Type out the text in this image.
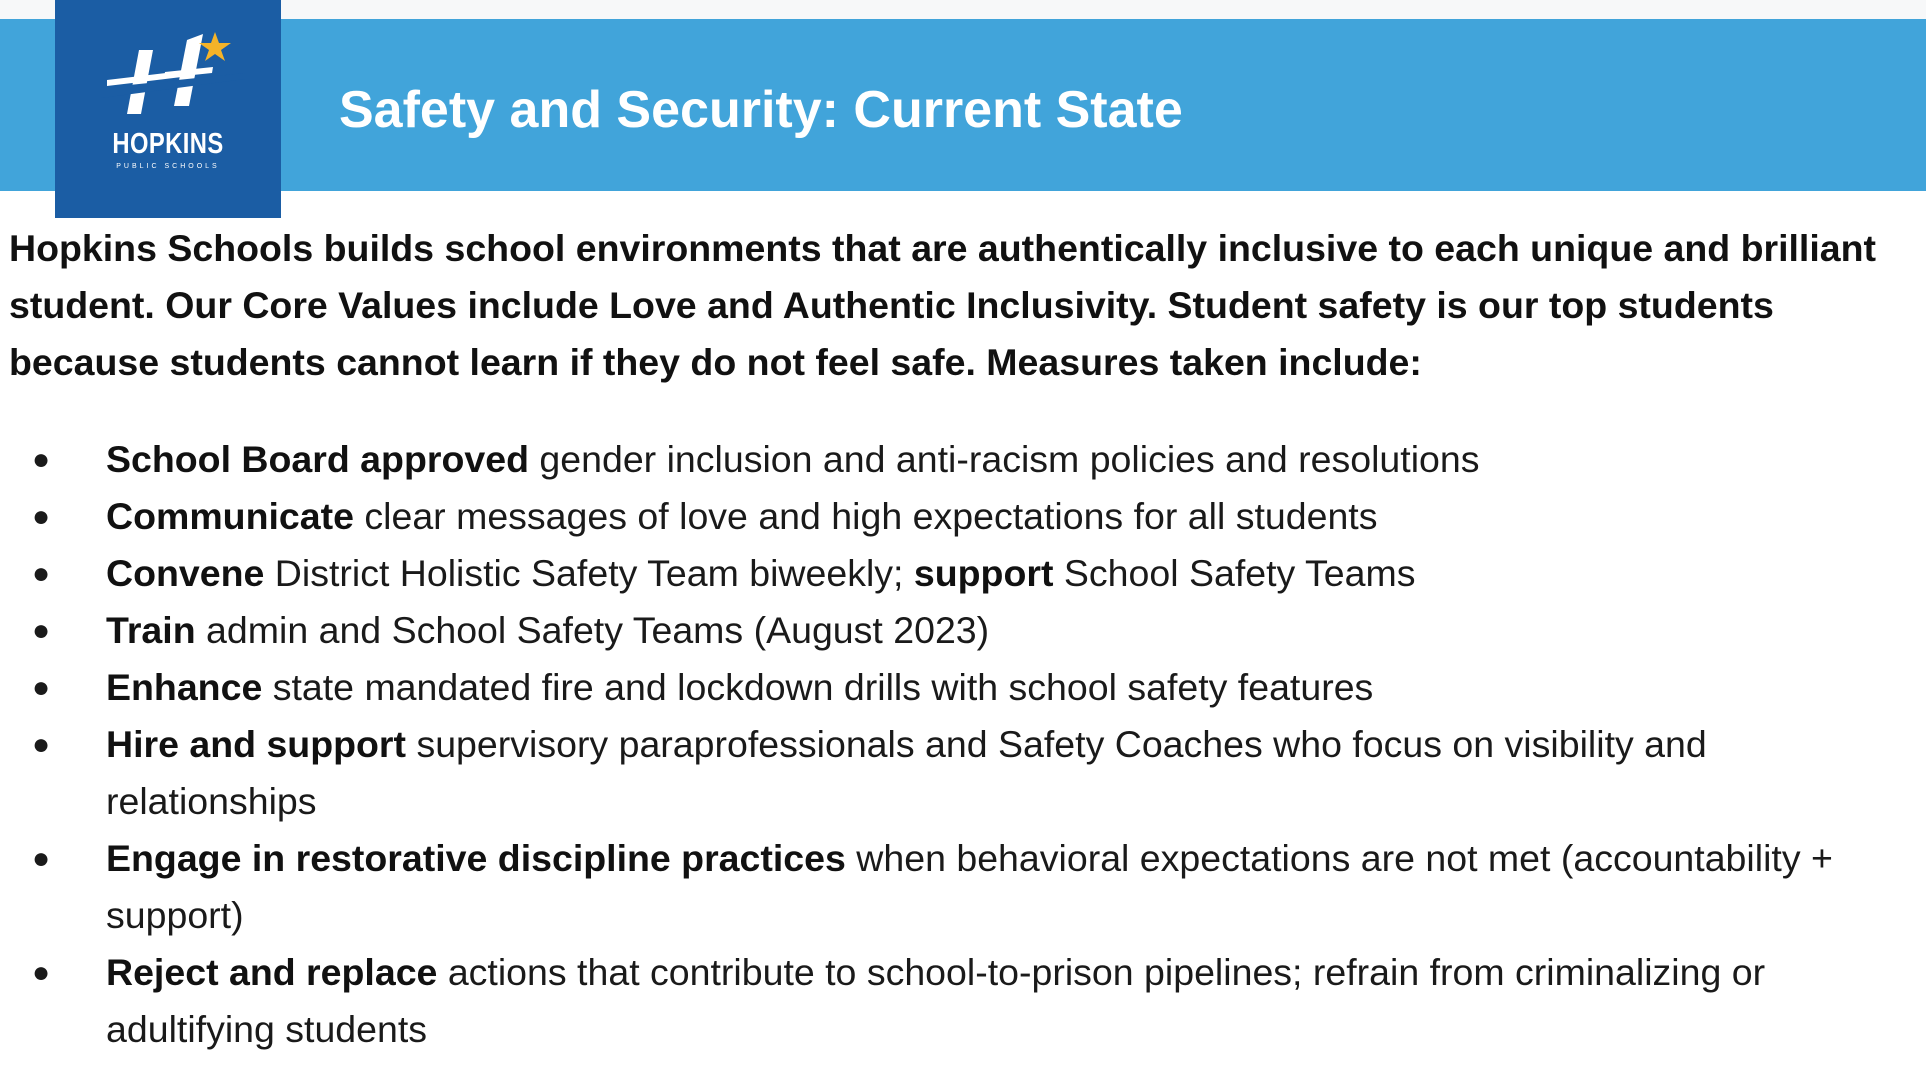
HOPKINS
PUBLIC SCHOOLS
Safety and Security: Current State

Hopkins Schools builds school environments that are authentically inclusive to each unique and brilliant student. Our Core Values include Love and Authentic Inclusivity. Student safety is our top students because students cannot learn if they do not feel safe. Measures taken include:

● School Board approved gender inclusion and anti-racism policies and resolutions
● Communicate clear messages of love and high expectations for all students
● Convene District Holistic Safety Team biweekly; support School Safety Teams
● Train admin and School Safety Teams (August 2023)
● Enhance state mandated fire and lockdown drills with school safety features
● Hire and support supervisory paraprofessionals and Safety Coaches who focus on visibility and relationships
● Engage in restorative discipline practices when behavioral expectations are not met (accountability + support)
● Reject and replace actions that contribute to school-to-prison pipelines; refrain from criminalizing or adultifying students
